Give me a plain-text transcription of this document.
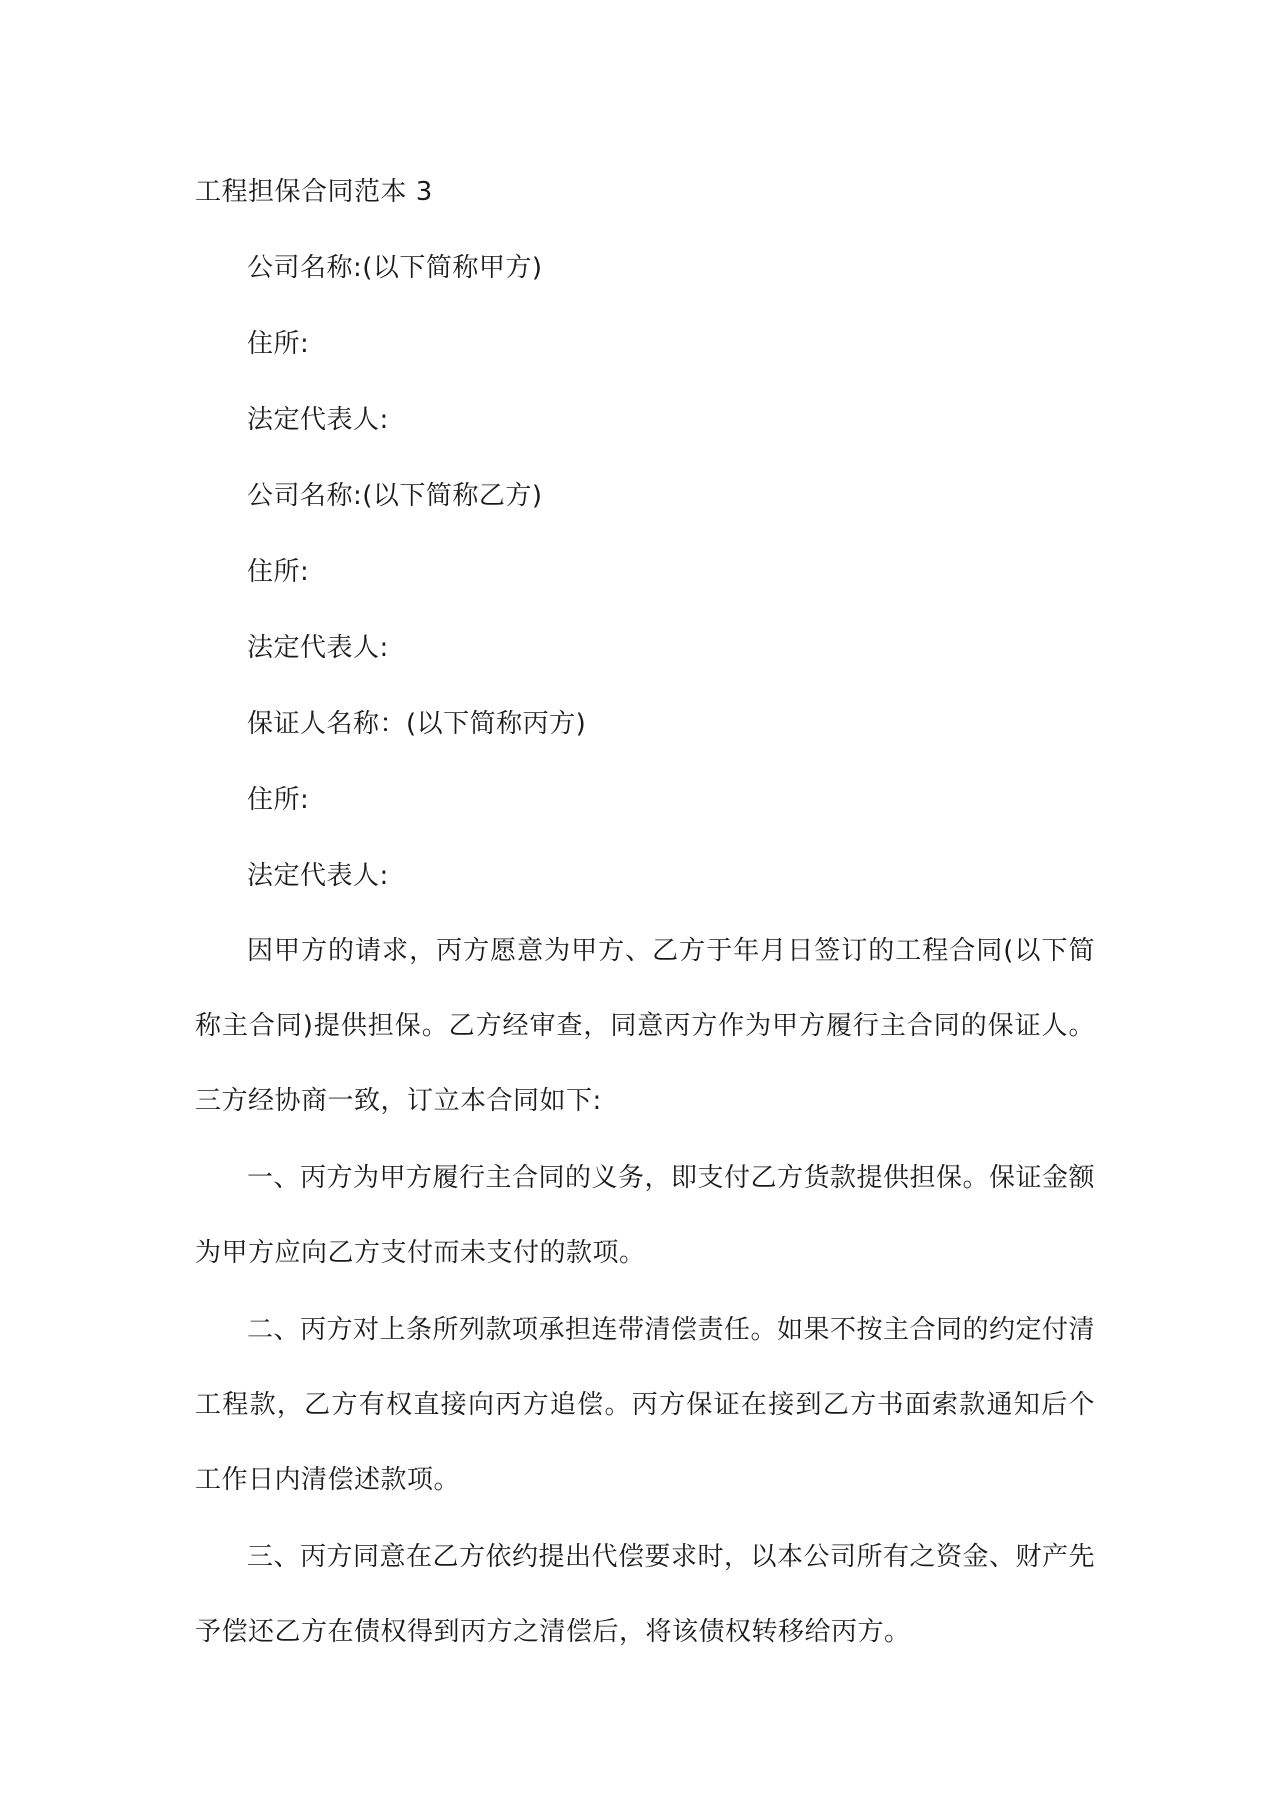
工程担保合同范本 3
公司名称:(以下简称甲方)
住所:
法定代表人:
公司名称:(以下简称乙方)
住所:
法定代表人:
保证人名称：(以下简称丙方)
住所:
法定代表人:

因甲方的请求，丙方愿意为甲方、乙方于年月日签订的工程合同(以下简称主合同)提供担保。乙方经审查，同意丙方作为甲方履行主合同的保证人。三方经协商一致，订立本合同如下:

一、丙方为甲方履行主合同的义务，即支付乙方货款提供担保。保证金额为甲方应向乙方支付而未支付的款项。

二、丙方对上条所列款项承担连带清偿责任。如果不按主合同的约定付清工程款，乙方有权直接向丙方追偿。丙方保证在接到乙方书面索款通知后个工作日内清偿述款项。

三、丙方同意在乙方依约提出代偿要求时，以本公司所有之资金、财产先予偿还乙方在债权得到丙方之清偿后，将该债权转移给丙方。
